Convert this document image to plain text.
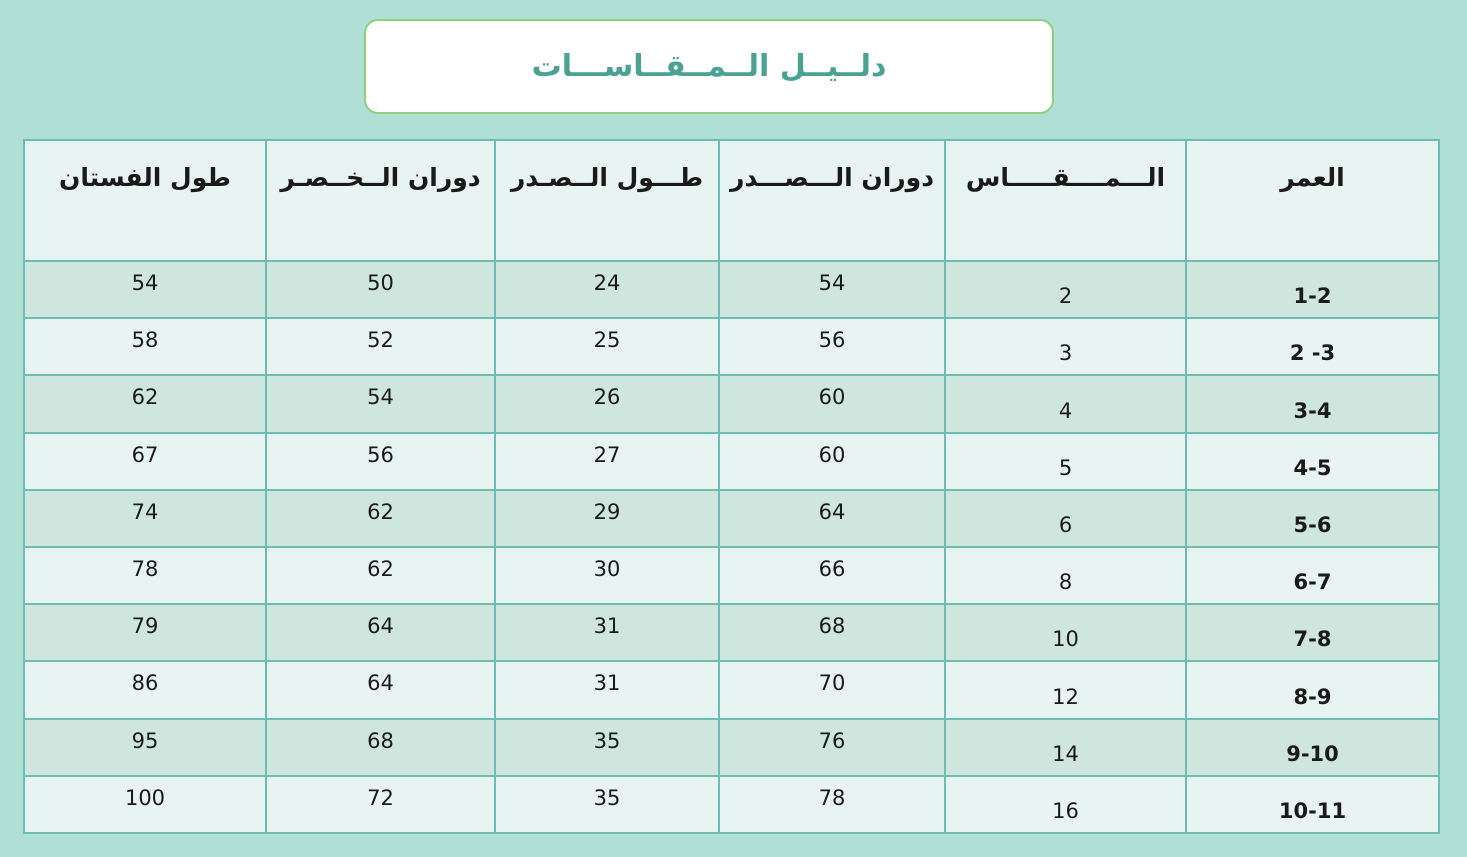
دلــيــل الــمــقــاســـات
العمر	الـــمــــقـــــاس	دوران الـــصـــدر	طـــول الــصـدر	دوران الــخــصـر	طول الفستان
1-2	2	54	24	50	54
2 -3	3	56	25	52	58
3-4	4	60	26	54	62
4-5	5	60	27	56	67
5-6	6	64	29	62	74
6-7	8	66	30	62	78
7-8	10	68	31	64	79
8-9	12	70	31	64	86
9-10	14	76	35	68	95
10-11	16	78	35	72	100
